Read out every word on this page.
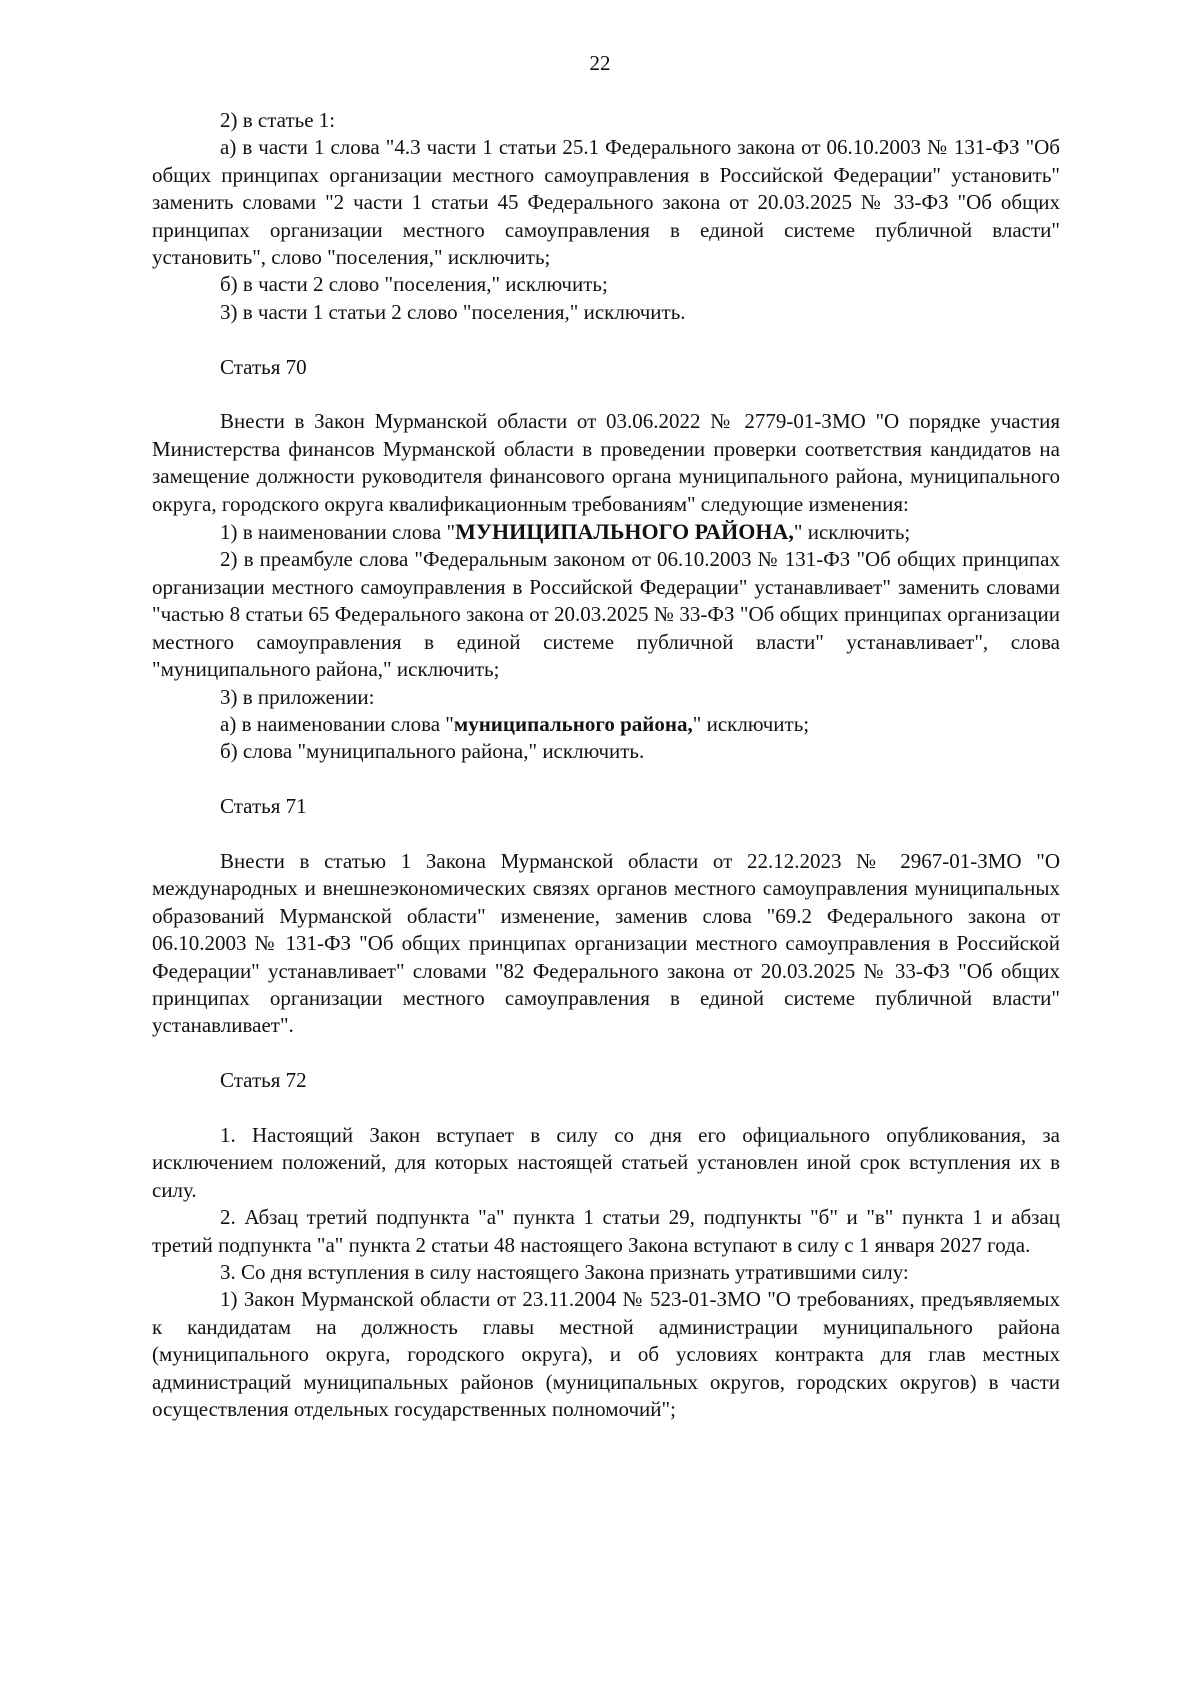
22

2) в статье 1:

а) в части 1 слова "4.3 части 1 статьи 25.1 Федерального закона от 06.10.2003 № 131-ФЗ "Об общих принципах организации местного самоуправления в Российской Федерации" установить" заменить словами "2 части 1 статьи 45 Федерального закона от 20.03.2025 № 33-ФЗ "Об общих принципах организации местного самоуправления в единой системе публичной власти" установить", слово "поселения," исключить;

б) в части 2 слово "поселения," исключить;

3) в части 1 статьи 2 слово "поселения," исключить.

Статья 70

Внести в Закон Мурманской области от 03.06.2022 № 2779-01-ЗМО "О порядке участия Министерства финансов Мурманской области в проведении проверки соответствия кандидатов на замещение должности руководителя финансового органа муниципального района, муниципального округа, городского округа квалификационным требованиям" следующие изменения:

1) в наименовании слова "МУНИЦИПАЛЬНОГО РАЙОНА," исключить;

2) в преамбуле слова "Федеральным законом от 06.10.2003 № 131-ФЗ "Об общих принципах организации местного самоуправления в Российской Федерации" устанавливает" заменить словами "частью 8 статьи 65 Федерального закона от 20.03.2025 № 33-ФЗ "Об общих принципах организации местного самоуправления в единой системе публичной власти" устанавливает", слова "муниципального района," исключить;

3) в приложении:

а) в наименовании слова "муниципального района," исключить;

б) слова "муниципального района," исключить.

Статья 71

Внести в статью 1 Закона Мурманской области от 22.12.2023 № 2967-01-ЗМО "О международных и внешнеэкономических связях органов местного самоуправления муниципальных образований Мурманской области" изменение, заменив слова "69.2 Федерального закона от 06.10.2003 № 131-ФЗ "Об общих принципах организации местного самоуправления в Российской Федерации" устанавливает" словами "82 Федерального закона от 20.03.2025 № 33-ФЗ "Об общих принципах организации местного самоуправления в единой системе публичной власти" устанавливает".

Статья 72

1. Настоящий Закон вступает в силу со дня его официального опубликования, за исключением положений, для которых настоящей статьей установлен иной срок вступления их в силу.

2. Абзац третий подпункта "а" пункта 1 статьи 29, подпункты "б" и "в" пункта 1 и абзац третий подпункта "а" пункта 2 статьи 48 настоящего Закона вступают в силу с 1 января 2027 года.

3. Со дня вступления в силу настоящего Закона признать утратившими силу:

1) Закон Мурманской области от 23.11.2004 № 523-01-ЗМО "О требованиях, предъявляемых к кандидатам на должность главы местной администрации муниципального района (муниципального округа, городского округа), и об условиях контракта для глав местных администраций муниципальных районов (муниципальных округов, городских округов) в части осуществления отдельных государственных полномочий";
